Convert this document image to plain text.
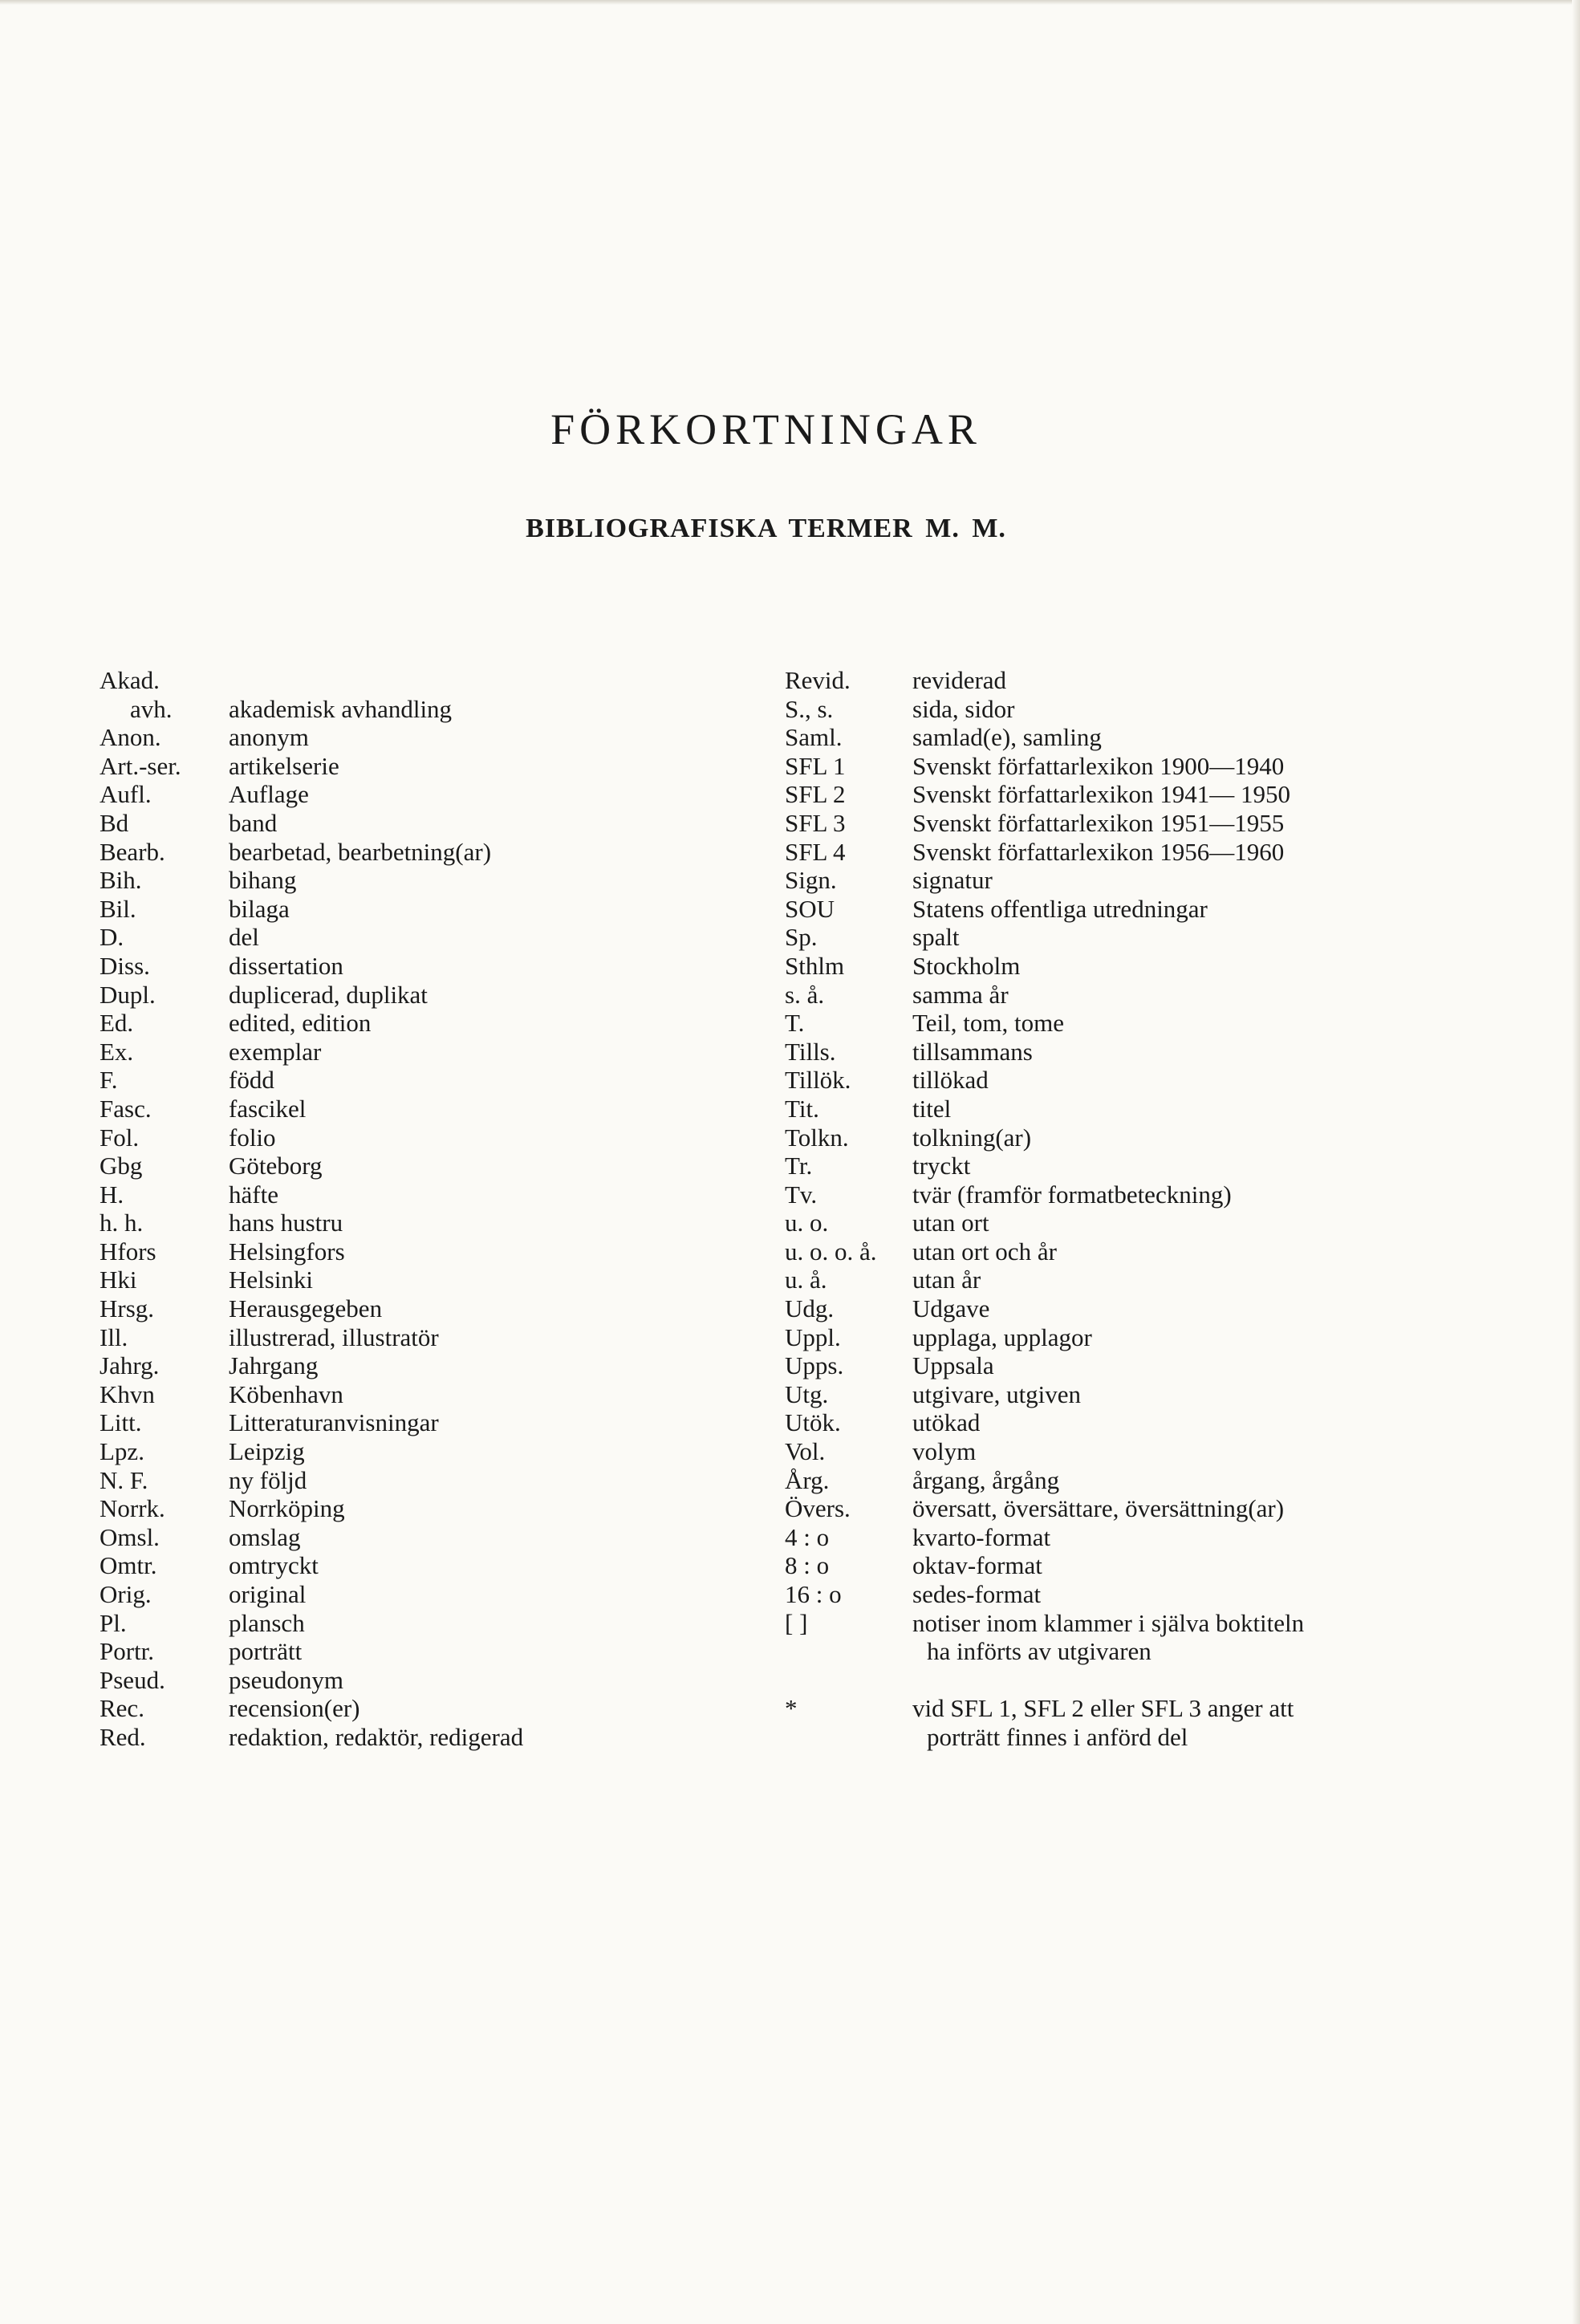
FÖRKORTNINGAR
BIBLIOGRAFISKA TERMER M. M.
Akad.
avh.	akademisk avhandling
Anon.	anonym
Art.-ser.	artikelserie
Aufl.	Auflage
Bd	band
Bearb.	bearbetad, bearbetning(ar)
Bih.	bihang
Bil.	bilaga
D.	del
Diss.	dissertation
Dupl.	duplicerad, duplikat
Ed.	edited, edition
Ex.	exemplar
F.	född
Fasc.	fascikel
Fol.	folio
Gbg	Göteborg
H.	häfte
h. h.	hans hustru
Hfors	Helsingfors
Hki	Helsinki
Hrsg.	Herausgegeben
Ill.	illustrerad, illustratör
Jahrg.	Jahrgang
Khvn	Köbenhavn
Litt.	Litteraturanvisningar
Lpz.	Leipzig
N. F.	ny följd
Norrk.	Norrköping
Omsl.	omslag
Omtr.	omtryckt
Orig.	original
Pl.	plansch
Portr.	porträtt
Pseud.	pseudonym
Rec.	recension(er)
Red.	redaktion, redaktör, redigerad
Revid.	reviderad
S., s.	sida, sidor
Saml.	samlad(e), samling
SFL 1	Svenskt författarlexikon 1900—1940
SFL 2	Svenskt författarlexikon 1941— 1950
SFL 3	Svenskt författarlexikon 1951—1955
SFL 4	Svenskt författarlexikon 1956—1960
Sign.	signatur
SOU	Statens offentliga utredningar
Sp.	spalt
Sthlm	Stockholm
s. å.	samma år
T.	Teil, tom, tome
Tills.	tillsammans
Tillök.	tillökad
Tit.	titel
Tolkn.	tolkning(ar)
Tr.	tryckt
Tv.	tvär (framför formatbeteckning)
u. o.	utan ort
u. o. o. å.	utan ort och år
u. å.	utan år
Udg.	Udgave
Uppl.	upplaga, upplagor
Upps.	Uppsala
Utg.	utgivare, utgiven
Utök.	utökad
Vol.	volym
Årg.	årgang, årgång
Övers.	översatt, översättare, översättning(ar)
4 : o	kvarto-format
8 : o	oktav-format
16 : o	sedes-format
[ ]	notiser inom klammer i själva boktiteln
ha införts av utgivaren
*	vid SFL 1, SFL 2 eller SFL 3 anger att
porträtt finnes i anförd del
